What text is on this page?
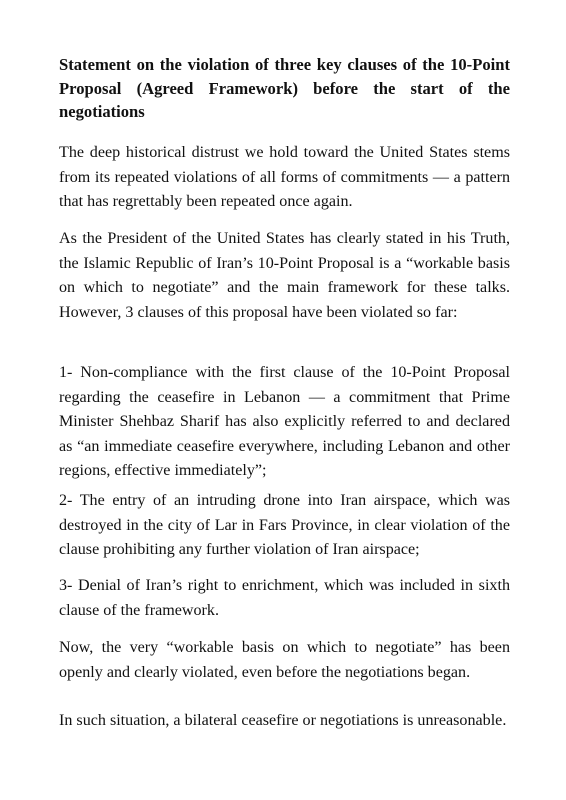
Statement on the violation of three key clauses of the 10-Point Proposal (Agreed Framework) before the start of the negotiations

The deep historical distrust we hold toward the United States stems from its repeated violations of all forms of commitments — a pattern that has regrettably been repeated once again.

As the President of the United States has clearly stated in his Truth, the Islamic Republic of Iran’s 10-Point Proposal is a “workable basis on which to negotiate” and the main framework for these talks. However, 3 clauses of this proposal have been violated so far:

1- Non-compliance with the first clause of the 10-Point Proposal regarding the ceasefire in Lebanon — a commitment that Prime Minister Shehbaz Sharif has also explicitly referred to and declared as “an immediate ceasefire everywhere, including Lebanon and other regions, effective immediately”;

2- The entry of an intruding drone into Iran airspace, which was destroyed in the city of Lar in Fars Province, in clear violation of the clause prohibiting any further violation of Iran airspace;

3- Denial of Iran’s right to enrichment, which was included in sixth clause of the framework.

Now, the very “workable basis on which to negotiate” has been openly and clearly violated, even before the negotiations began.

In such situation, a bilateral ceasefire or negotiations is unreasonable.
